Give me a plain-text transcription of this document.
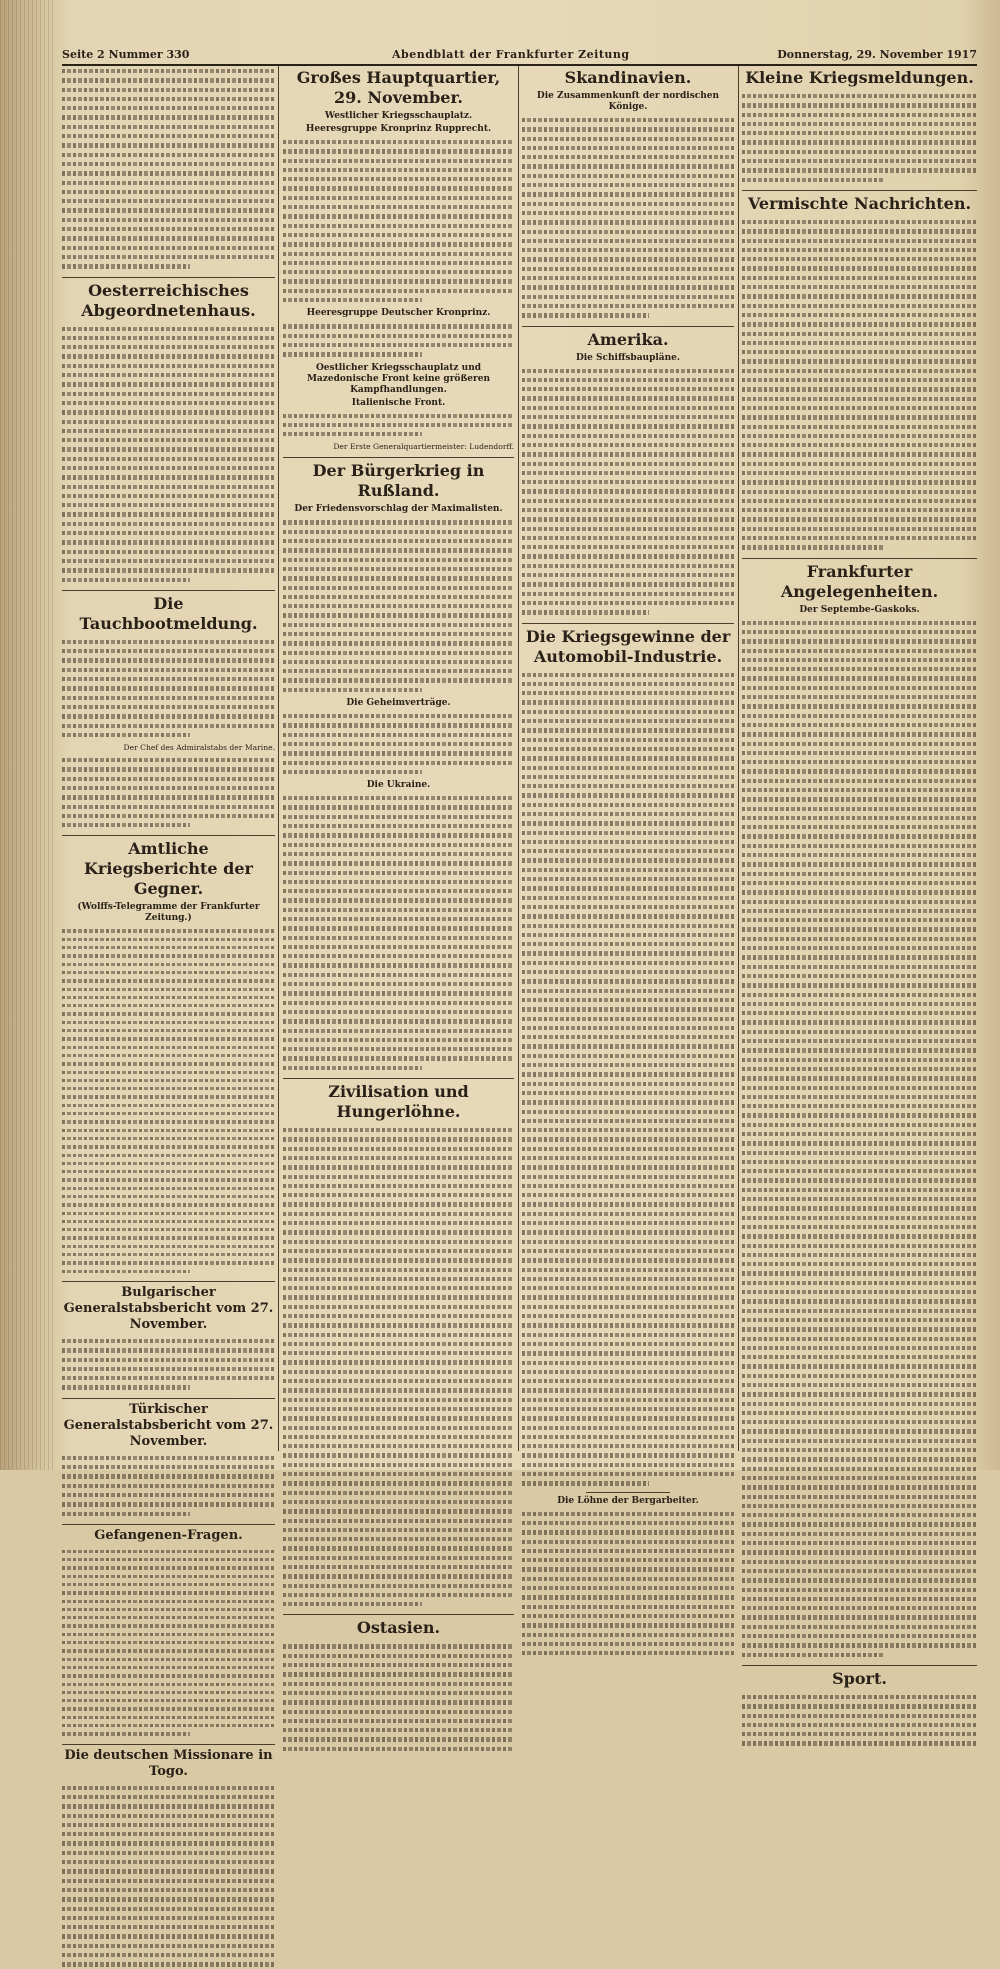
Seite 2 Nummer 330	Abendblatt der Frankfurter Zeitung	Donnerstag, 29. November 1917
Oesterreichisches Abgeordnetenhaus.
Die Tauchbootmeldung.
Der Chef des Admiralstabs der Marine.
Amtliche Kriegsberichte der Gegner.
(Wolffs-Telegramme der Frankfurter Zeitung.)
Bulgarischer Generalstabsbericht vom 27. November.
Türkischer Generalstabsbericht vom 27. November.
Gefangenen-Fragen.
Die deutschen Missionare in Togo.
Großes Hauptquartier, 29. November.
Westlicher Kriegsschauplatz.
Heeresgruppe Kronprinz Rupprecht.
Heeresgruppe Deutscher Kronprinz.
Oestlicher Kriegsschauplatz und Mazedonische Front keine größeren Kampfhandlungen.
Italienische Front.
Der Erste Generalquartiermeister: Ludendorff.
Der Bürgerkrieg in Rußland.
Der Friedensvorschlag der Maximalisten.
Die Geheimverträge.
Die Ukraine.
Zivilisation und Hungerlöhne.
Ostasien.
Skandinavien.
Die Zusammenkunft der nordischen Könige.
Amerika.
Die Schiffsbaupläne.
Die Kriegsgewinne der Automobil-Industrie.
Die Löhne der Bergarbeiter.
Kleine Kriegsmeldungen.
Vermischte Nachrichten.
Frankfurter Angelegenheiten.
Der Septembe-Gaskoks.
Sport.
